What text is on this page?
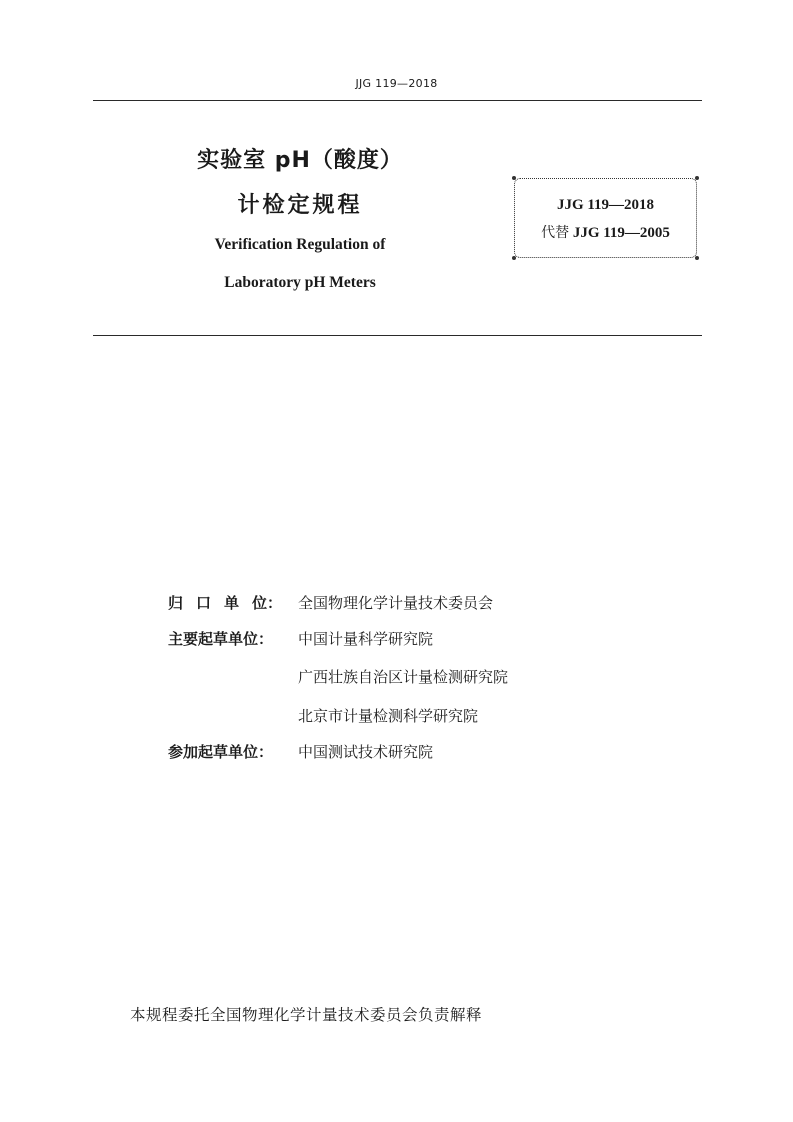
JJG 119—2018
实验室 pH（酸度）
计检定规程
Verification Regulation of
Laboratory pH Meters
JJG 119—2018
代替 JJG 119—2005
归口单位：	全国物理化学计量技术委员会
主要起草单位：	中国计量科学研究院
广西壮族自治区计量检测研究院
北京市计量检测科学研究院
参加起草单位：	中国测试技术研究院
本规程委托全国物理化学计量技术委员会负责解释
